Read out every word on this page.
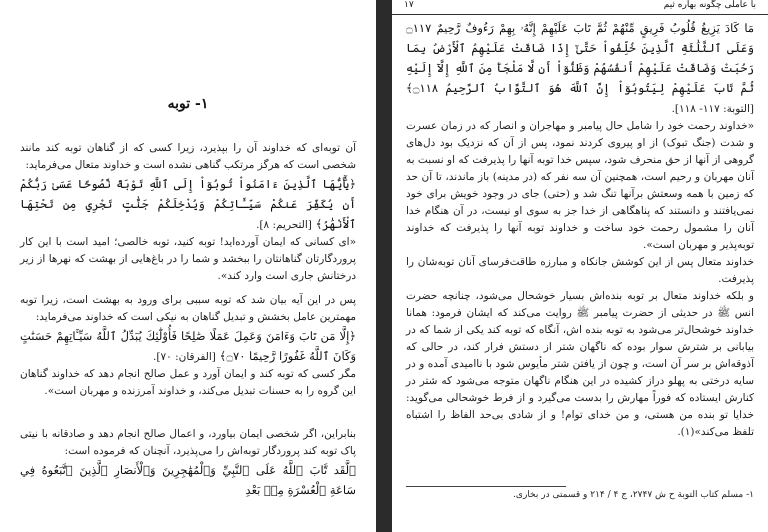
۱- توبه

آن توبه‌ای که خداوند آن را بپذیرد، زیرا کسی که از گناهان توبه کند مانند شخصی است که هرگز مرتکب گناهی نشده است و خداوند متعال می‌فرماید:

﴿يَٰٓأَيُّهَا ٱلَّذِينَ ءَامَنُواْ تُوبُوٓاْ إِلَى ٱللَّهِ تَوْبَةً نَّصُوحًا عَسَىٰ رَبُّكُمْ أَن يُكَفِّرَ عَنكُمْ سَيِّـَٔاتِكُمْ وَيُدْخِلَكُمْ جَنَّٰتٍ تَجْرِي مِن تَحْتِهَا ٱلْأَنْهَٰرُ﴾ [التحریم: ۸].

«ای کسانی که ایمان آورده‌اید! توبه کنید، توبه خالصی؛ امید است با این کار پروردگارتان گناهانتان را ببخشد و شما را در باغ‌هایی از بهشت که نهرها از زیر درختانش جاری است وارد کند».

پس در این آیه بیان شد که توبه سببی برای ورود به بهشت است، زیرا توبه مهمترین عامل بخشش و تبدیل گناهان به نیکی است که خداوند می‌فرماید:

﴿إِلَّا مَن تَابَ وَءَامَنَ وَعَمِلَ عَمَلًا صَٰلِحًا فَأُوْلَٰٓئِكَ يُبَدِّلُ ٱللَّهُ سَيِّـَٔاتِهِمْ حَسَنَٰتٍ وَكَانَ ٱللَّهُ غَفُورًا رَّحِيمًا ۝٧٠﴾ [الفرقان: ۷۰].

مگر کسی که توبه کند و ایمان آورد و عمل صالح انجام دهد که خداوند گناهان این گروه را به حسنات تبدیل می‌کند، و خداوند آمرزنده و مهربان است».

بنابراین، اگر شخصی ایمان بیاورد، و اعمال صالح انجام دهد و صادقانه با نیتی پاک توبه کند پروردگار توبه‌اش را می‌پذیرد، آنچنان که فرموده است:

﴿لَّقَد تَّابَ ٱللَّهُ عَلَى ٱلنَّبِيِّ وَٱلْمُهَٰجِرِينَ وَٱلْأَنصَارِ ٱلَّذِينَ ٱتَّبَعُوهُ فِي سَاعَةِ ٱلْعُسْرَةِ مِنۢ بَعْدِ

با عاملی چگونه بهاره ثیم
۱۷

مَا كَادَ يَزِيغُ قُلُوبُ فَرِيقٍ مِّنْهُمْ ثُمَّ تَابَ عَلَيْهِمْ إِنَّهُۥ بِهِمْ رَءُوفٌ رَّحِيمٌ ۝١١٧ وَعَلَى ٱلثَّلَٰثَةِ ٱلَّذِينَ خُلِّفُواْ حَتَّىٰٓ إِذَا ضَاقَتْ عَلَيْهِمُ ٱلْأَرْضُ بِمَا رَحُبَتْ وَضَاقَتْ عَلَيْهِمْ أَنفُسُهُمْ وَظَنُّوٓاْ أَن لَّا مَلْجَأَ مِنَ ٱللَّهِ إِلَّآ إِلَيْهِ ثُمَّ تَابَ عَلَيْهِمْ لِيَتُوبُوٓاْ إِنَّ ٱللَّهَ هُوَ ٱلتَّوَّابُ ٱلرَّحِيمُ ۝١١٨﴾ [التوبة: ۱۱۷- ۱۱۸].

«خداوند رحمت خود را شامل حال پیامبر و مهاجران و انصار که در زمان عسرت و شدت (جنگ تبوک) از او پیروی کردند نمود، پس از آن که نزدیک بود دل‌های گروهی از آنها از حق منحرف شود، سپس خدا توبه آنها را پذیرفت که او نسبت به آنان مهربان و رحیم است، همچنین آن سه نفر که (در مدینه) باز ماندند، تا آن حد که زمین با همه وسعتش برآنها تنگ شد و (حتی) جای در وجود خویش برای خود نمی‌یافتند و دانستند که پناهگاهی از خدا جز به سوی او نیست، در آن هنگام خدا آنان را مشمول رحمت خود ساخت و خداوند توبه آنها را پذیرفت که خداوند توبه‌پذیر و مهربان است».

خداوند متعال پس از این کوشش جانکاه و مبارزه طاقت‌فرسای آنان توبه‌شان را پذیرفت.

و بلکه خداوند متعال بر توبه بنده‌اش بسیار خوشحال می‌شود، چنانچه حضرت انس ﷺ در حدیثی از حضرت پیامبر ﷺ روایت می‌کند که ایشان فرمود: همانا خداوند خوشحال‌تر می‌شود به توبه بنده اش، آنگاه که توبه کند یکی از شما که در بیابانی بر شترش سوار بوده که ناگهان شتر از دستش فرار کند، در حالی که آذوقه‌اش بر سر آن است، و چون از یافتن شتر مأیوس شود با ناامیدی آمده و در سایه درختی به پهلو دراز کشیده در این هنگام ناگهان متوجه می‌شود که شتر در کنارش ایستاده که فوراً مهارش را بدست می‌گیرد و از فرط خوشحالی می‌گوید: خدایا تو بنده من هستی، و من خدای توام! و از شادی بی‌حد الفاظ را اشتباه تلفظ می‌کند»(۱).

۱- مسلم کتاب التوبة ح ش ۲۷۴۷، ج ۴ / ۲۱۴ و قسمتی در بخاری.
